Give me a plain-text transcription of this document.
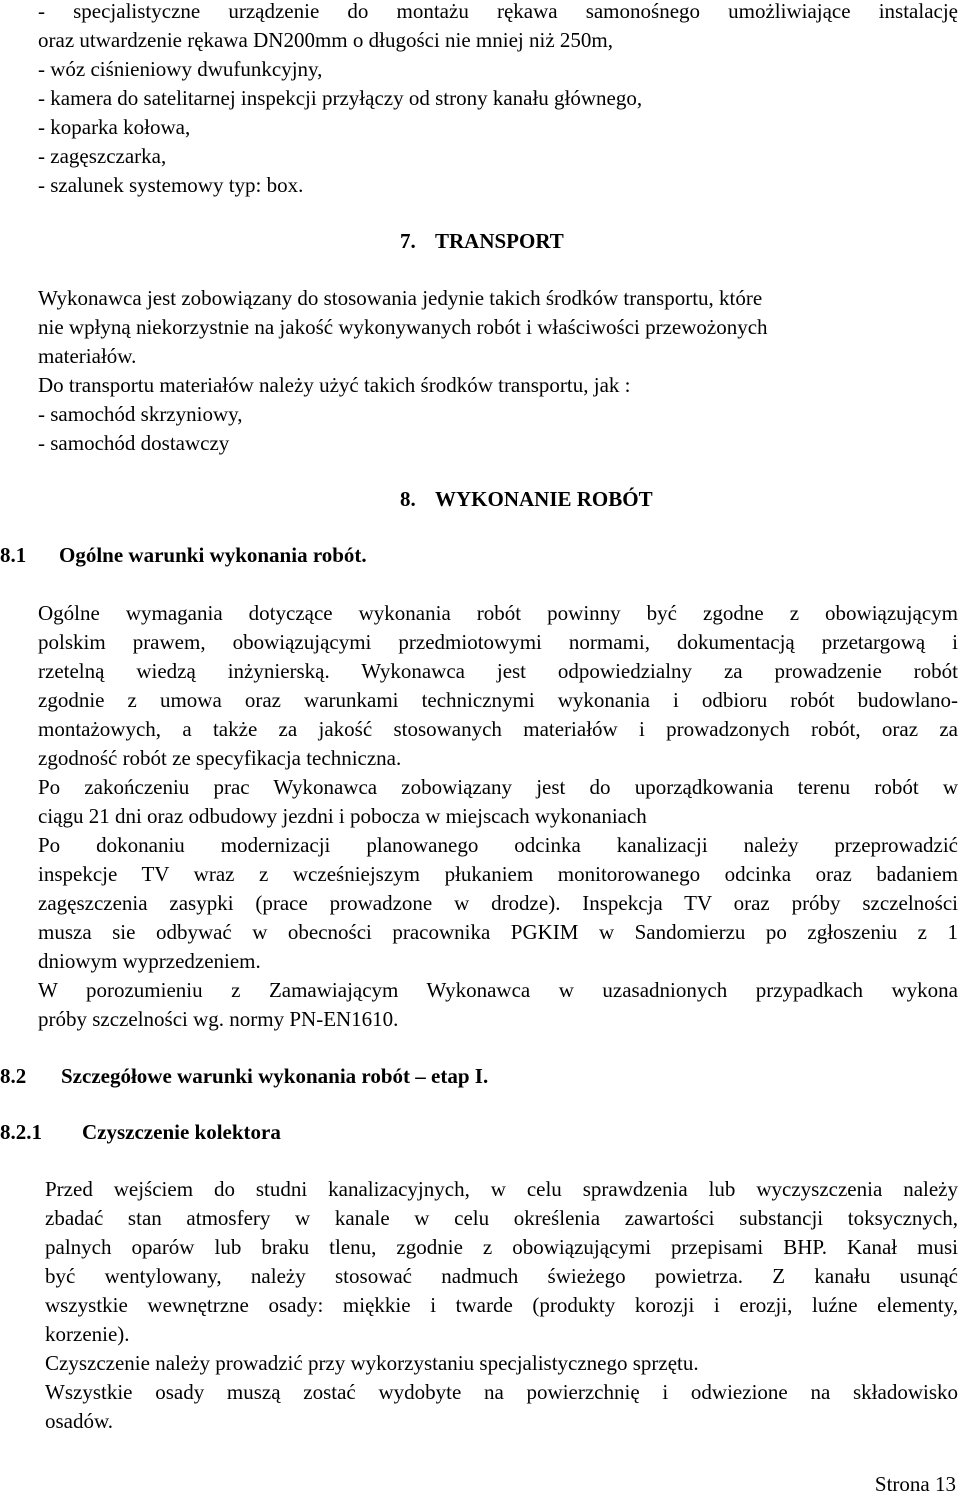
- specjalistyczne urządzenie do montażu rękawa samonośnego umożliwiające instalację
oraz utwardzenie rękawa DN200mm o długości nie mniej niż 250m,
- wóz ciśnieniowy dwufunkcyjny,
- kamera do satelitarnej inspekcji przyłączy od strony kanału głównego,
- koparka kołowa,
- zagęszczarka,
- szalunek systemowy typ: box.
7. TRANSPORT
Wykonawca jest zobowiązany do stosowania jedynie takich środków transportu, które
nie wpłyną niekorzystnie na jakość wykonywanych robót i właściwości przewożonych
materiałów.
Do transportu materiałów należy użyć takich środków transportu, jak :
- samochód skrzyniowy,
- samochód dostawczy
8. WYKONANIE ROBÓT
8.1 Ogólne warunki wykonania robót.
Ogólne wymagania dotyczące wykonania robót powinny być zgodne z obowiązującym
polskim prawem, obowiązującymi przedmiotowymi normami, dokumentacją przetargową i
rzetelną wiedzą inżynierską. Wykonawca jest odpowiedzialny za prowadzenie robót
zgodnie z umowa oraz warunkami technicznymi wykonania i odbioru robót budowlano-
montażowych, a także za jakość stosowanych materiałów i prowadzonych robót, oraz za
zgodność robót ze specyfikacja techniczna.
Po zakończeniu prac Wykonawca zobowiązany jest do uporządkowania terenu robót w
ciągu 21 dni oraz odbudowy jezdni i pobocza w miejscach wykonaniach
Po dokonaniu modernizacji planowanego odcinka kanalizacji należy przeprowadzić
inspekcje TV wraz z wcześniejszym płukaniem monitorowanego odcinka oraz badaniem
zagęszczenia zasypki (prace prowadzone w drodze). Inspekcja TV oraz próby szczelności
musza sie odbywać w obecności pracownika PGKIM w Sandomierzu po zgłoszeniu z 1
dniowym wyprzedzeniem.
W porozumieniu z Zamawiającym Wykonawca w uzasadnionych przypadkach wykona
próby szczelności wg. normy PN-EN1610.
8.2 Szczegółowe warunki wykonania robót – etap I.
8.2.1 Czyszczenie kolektora
Przed wejściem do studni kanalizacyjnych, w celu sprawdzenia lub wyczyszczenia należy
zbadać stan atmosfery w kanale w celu określenia zawartości substancji toksycznych,
palnych oparów lub braku tlenu, zgodnie z obowiązującymi przepisami BHP. Kanał musi
być wentylowany, należy stosować nadmuch świeżego powietrza. Z kanału usunąć
wszystkie wewnętrzne osady: miękkie i twarde (produkty korozji i erozji, luźne elementy,
korzenie).
Czyszczenie należy prowadzić przy wykorzystaniu specjalistycznego sprzętu.
Wszystkie osady muszą zostać wydobyte na powierzchnię i odwiezione na składowisko
osadów.
Strona 13
